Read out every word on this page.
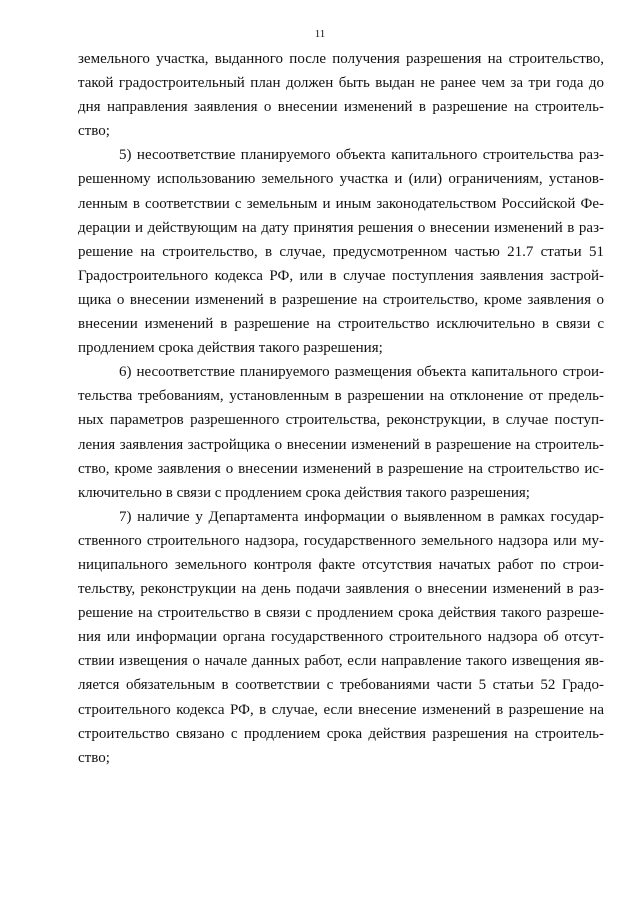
11
земельного участка, выданного после получения разрешения на строительство,
такой градостроительный план должен быть выдан не ранее чем за три года до
дня направления заявления о внесении изменений в разрешение на строитель-
ство;
5) несоответствие планируемого объекта капитального строительства раз-
решенному использованию земельного участка и (или) ограничениям, установ-
ленным в соответствии с земельным и иным законодательством Российской Фе-
дерации и действующим на дату принятия решения о внесении изменений в раз-
решение на строительство, в случае, предусмотренном частью 21.7 статьи 51
Градостроительного кодекса РФ, или в случае поступления заявления застрой-
щика о внесении изменений в разрешение на строительство, кроме заявления о
внесении изменений в разрешение на строительство исключительно в связи с
продлением срока действия такого разрешения;
6) несоответствие планируемого размещения объекта капитального строи-
тельства требованиям, установленным в разрешении на отклонение от предель-
ных параметров разрешенного строительства, реконструкции, в случае поступ-
ления заявления застройщика о внесении изменений в разрешение на строитель-
ство, кроме заявления о внесении изменений в разрешение на строительство ис-
ключительно в связи с продлением срока действия такого разрешения;
7) наличие у Департамента информации о выявленном в рамках государ-
ственного строительного надзора, государственного земельного надзора или му-
ниципального земельного контроля факте отсутствия начатых работ по строи-
тельству, реконструкции на день подачи заявления о внесении изменений в раз-
решение на строительство в связи с продлением срока действия такого разреше-
ния или информации органа государственного строительного надзора об отсут-
ствии извещения о начале данных работ, если направление такого извещения яв-
ляется обязательным в соответствии с требованиями части 5 статьи 52 Градо-
строительного кодекса РФ, в случае, если внесение изменений в разрешение на
строительство связано с продлением срока действия разрешения на строитель-
ство;
